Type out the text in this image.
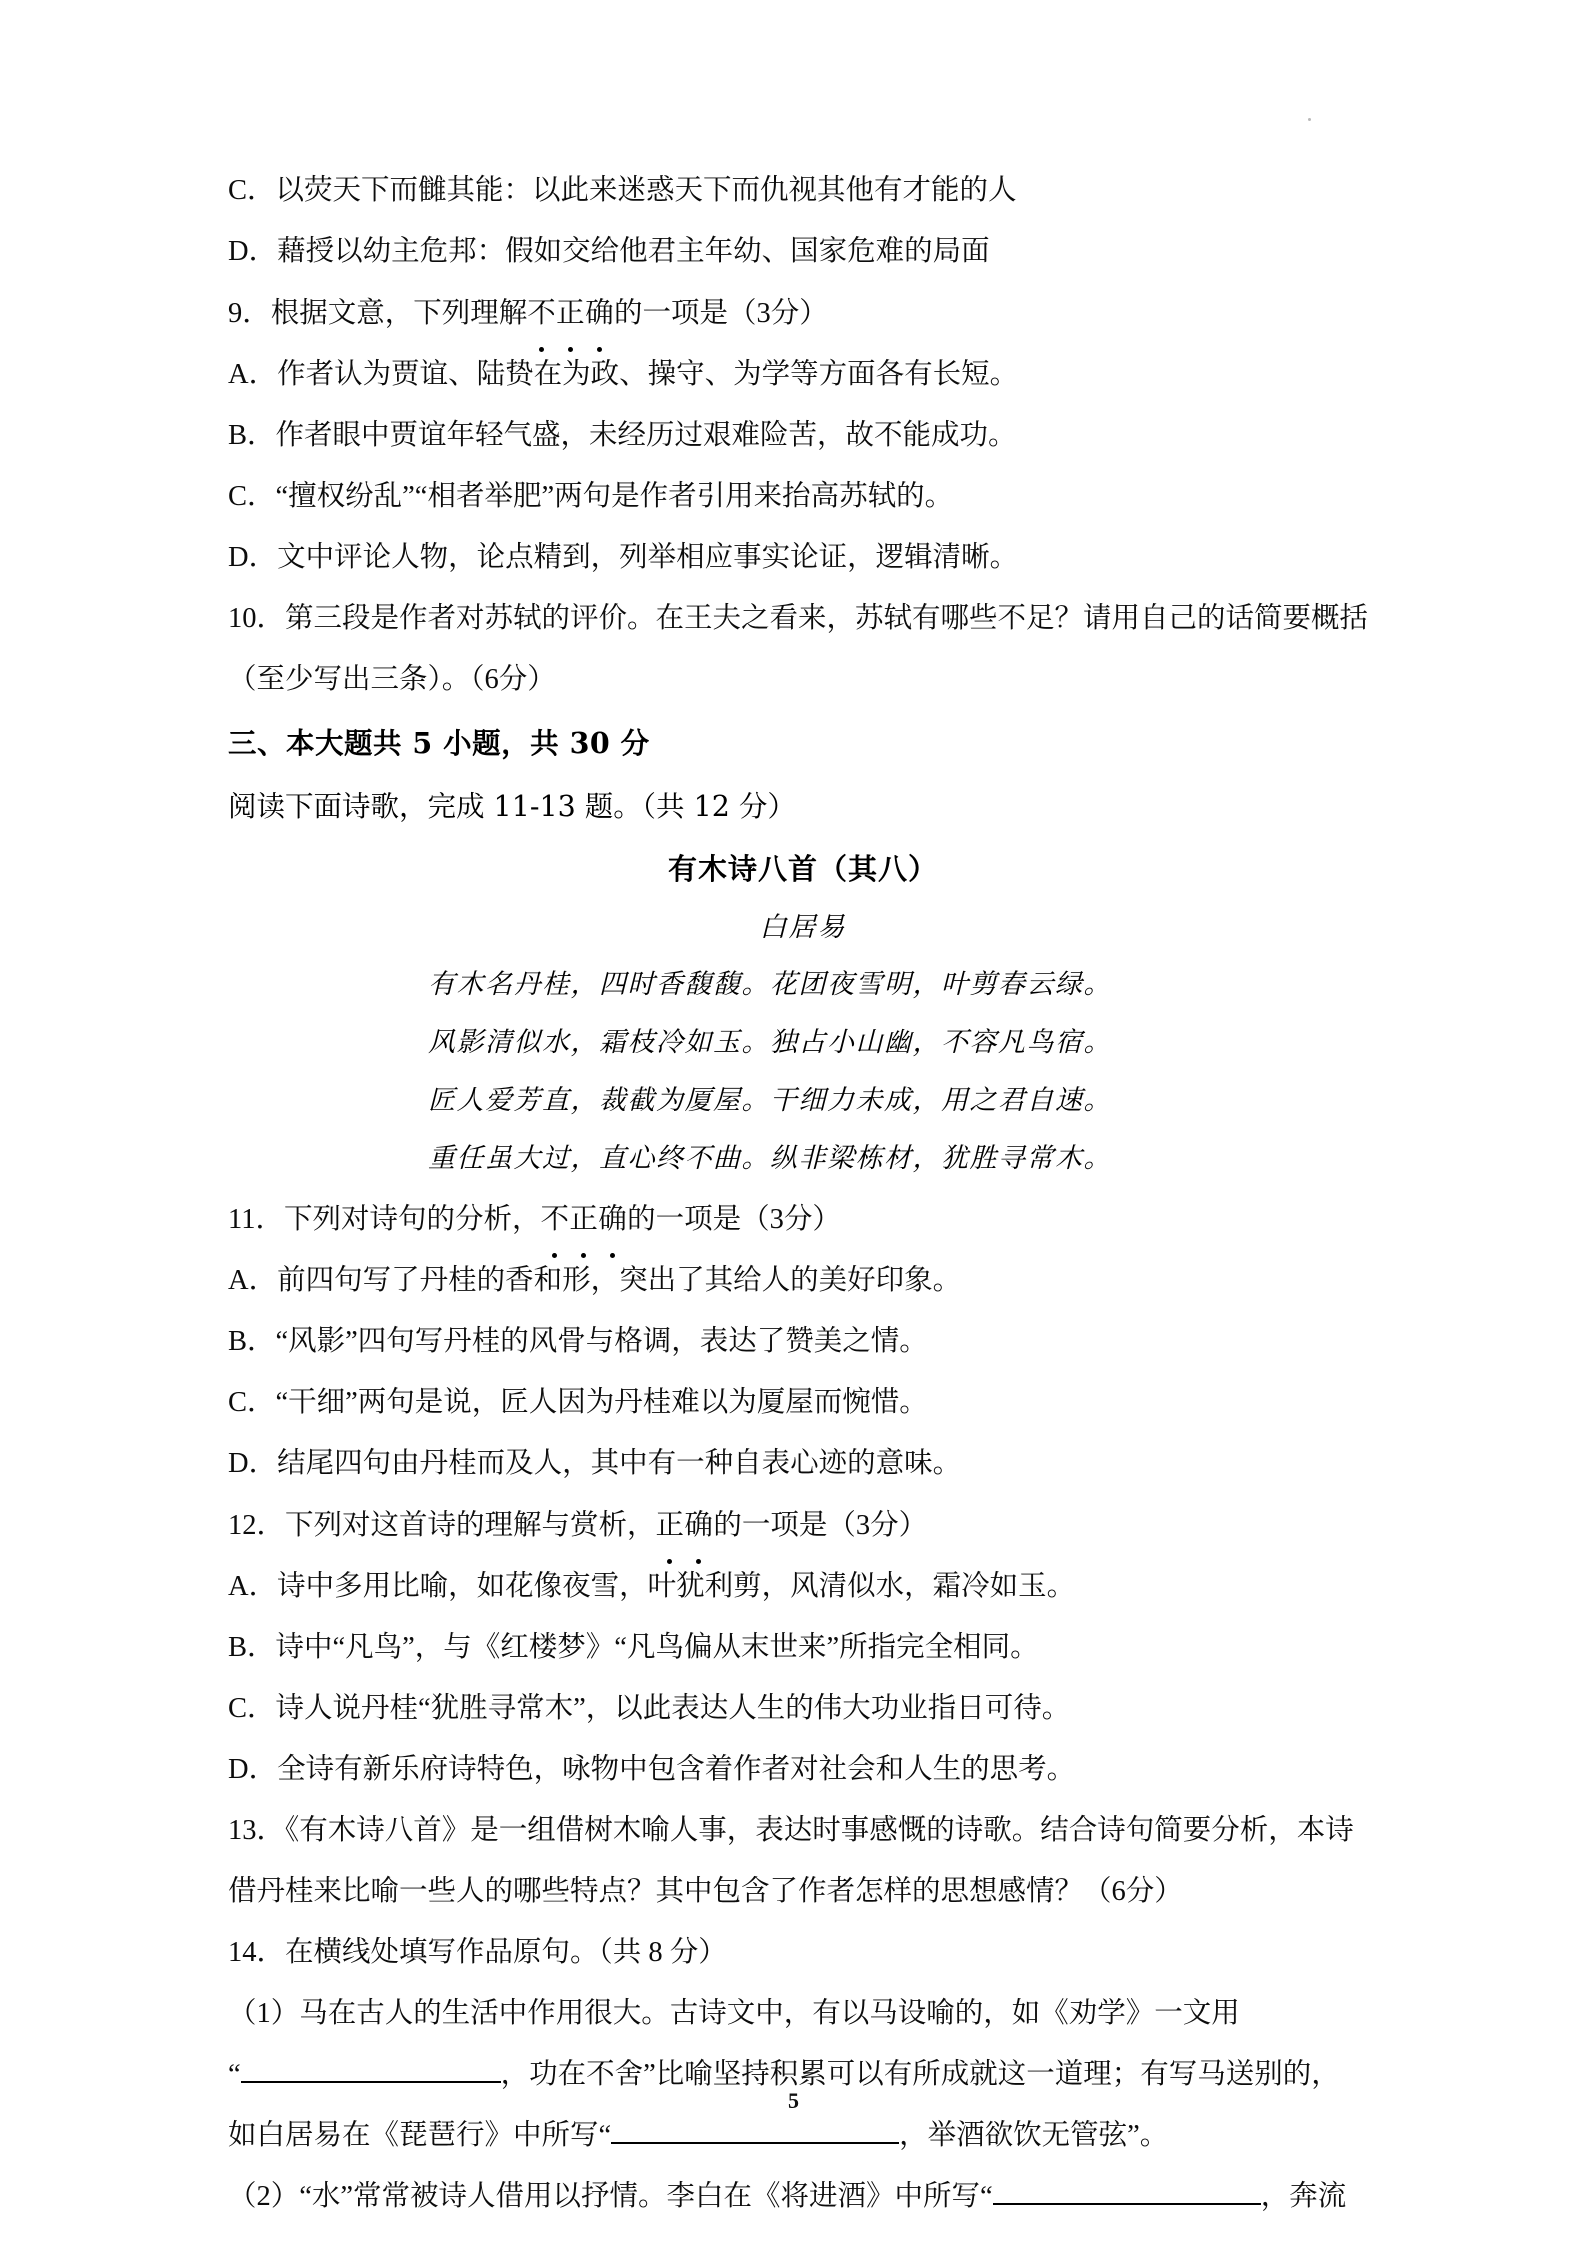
C．以荧天下而雠其能：以此来迷惑天下而仇视其他有才能的人
D．藉授以幼主危邦：假如交给他君主年幼、国家危难的局面
9．根据文意，下列理解不正确的一项是（3分）
A．作者认为贾谊、陆贽在为政、操守、为学等方面各有长短。
B．作者眼中贾谊年轻气盛，未经历过艰难险苦，故不能成功。
C．“擅权纷乱”“相者举肥”两句是作者引用来抬高苏轼的。
D．文中评论人物，论点精到，列举相应事实论证，逻辑清晰。
10．第三段是作者对苏轼的评价。在王夫之看来，苏轼有哪些不足？请用自己的话简要概括
（至少写出三条）。（6分）
三、本大题共 5 小题，共 30 分
阅读下面诗歌，完成 11-13 题。（共 12 分）
有木诗八首（其八）
白居易
有木名丹桂，四时香馥馥。花团夜雪明，叶剪春云绿。
风影清似水，霜枝冷如玉。独占小山幽，不容凡鸟宿。
匠人爱芳直，裁截为厦屋。干细力未成，用之君自速。
重任虽大过，直心终不曲。纵非梁栋材，犹胜寻常木。
11．下列对诗句的分析，不正确的一项是（3分）
A．前四句写了丹桂的香和形，突出了其给人的美好印象。
B．“风影”四句写丹桂的风骨与格调，表达了赞美之情。
C．“干细”两句是说，匠人因为丹桂难以为厦屋而惋惜。
D．结尾四句由丹桂而及人，其中有一种自表心迹的意味。
12．下列对这首诗的理解与赏析，正确的一项是（3分）
A．诗中多用比喻，如花像夜雪，叶犹利剪，风清似水，霜冷如玉。
B．诗中“凡鸟”，与《红楼梦》“凡鸟偏从末世来”所指完全相同。
C．诗人说丹桂“犹胜寻常木”，以此表达人生的伟大功业指日可待。
D．全诗有新乐府诗特色，咏物中包含着作者对社会和人生的思考。
13．《有木诗八首》是一组借树木喻人事，表达时事感慨的诗歌。结合诗句简要分析，本诗
借丹桂来比喻一些人的哪些特点？其中包含了作者怎样的思想感情？（6分）
14．在横线处填写作品原句。（共 8 分）
（1）马在古人的生活中作用很大。古诗文中，有以马设喻的，如《劝学》一文用
“	，功在不舍”比喻坚持积累可以有所成就这一道理；有写马送别的，
如白居易在《琵琶行》中所写“	，举酒欲饮无管弦”。
（2）“水”常常被诗人借用以抒情。李白在《将进酒》中所写“	，奔流
5
